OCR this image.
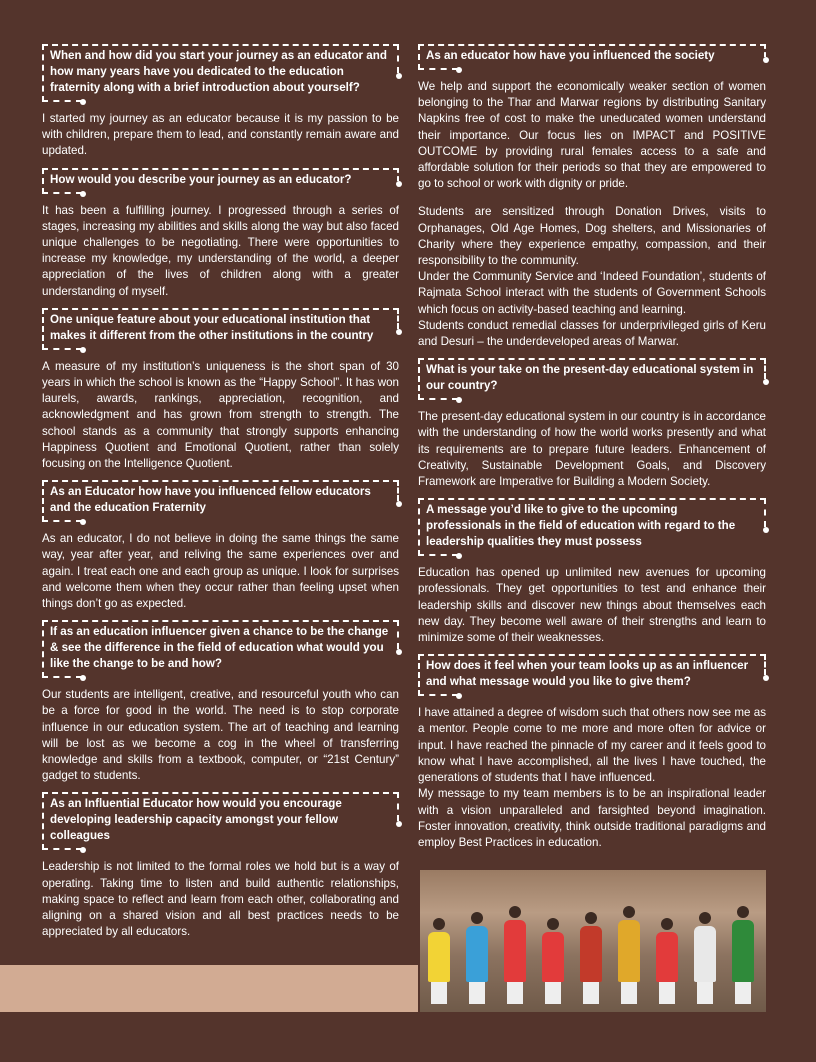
When and how did you start your journey as an educator and how many years have you dedicated to the education fraternity along with a brief introduction about yourself?

I started my journey as an educator because it is my passion to be with children, prepare them to lead, and constantly remain aware and updated.

How would you describe your journey as an educator?

It has been a fulfilling journey. I progressed through a series of stages, increasing my abilities and skills along the way but also faced unique challenges to be negotiating. There were opportunities to increase my knowledge, my understanding of the world, a deeper appreciation of the lives of children along with a greater understanding of myself.

One unique feature about your educational institution that makes it different from the other institutions in the country

A measure of my institution’s uniqueness is the short span of 30 years in which the school is known as the “Happy School”. It has won laurels, awards, rankings, appreciation, recognition, and acknowledgment and has grown from strength to strength. The school stands as a community that strongly supports enhancing Happiness Quotient and Emotional Quotient, rather than solely focusing on the Intelligence Quotient.

As an Educator how have you influenced fellow educators and the education Fraternity

As an educator, I do not believe in doing the same things the same way, year after year, and reliving the same experiences over and again. I treat each one and each group as unique. I look for surprises and welcome them when they occur rather than feeling upset when things don’t go as expected.

If as an education influencer given a chance to be the change & see the difference in the field of education what would you like the change to be and how?

Our students are intelligent, creative, and resourceful youth who can be a force for good in the world. The need is to stop corporate influence in our education system. The art of teaching and learning will be lost as we become a cog in the wheel of transferring knowledge and skills from a textbook, computer, or “21st Century” gadget to students.

As an Influential Educator how would you encourage developing leadership capacity amongst your fellow colleagues

Leadership is not limited to the formal roles we hold but is a way of operating. Taking time to listen and build authentic relationships, making space to reflect and learn from each other, collaborating and aligning on a shared vision and all best practices needs to be appreciated by all educators.

As an educator how have you influenced the society

We help and support the economically weaker section of women belonging to the Thar and Marwar regions by distributing Sanitary Napkins free of cost to make the uneducated women understand their importance. Our focus lies on IMPACT and POSITIVE OUTCOME by providing rural females access to a safe and affordable solution for their periods so that they are empowered to go to school or work with dignity or pride.

Students are sensitized through Donation Drives, visits to Orphanages, Old Age Homes, Dog shelters, and Missionaries of Charity where they experience empathy, compassion, and their responsibility to the community.

Under the Community Service and ‘Indeed Foundation’, students of Rajmata School interact with the students of Government Schools which focus on activity-based teaching and learning.

Students conduct remedial classes for underprivileged girls of Keru and Desuri – the underdeveloped areas of Marwar.

What is your take on the present-day educational system in our country?

The present-day educational system in our country is in accordance with the understanding of how the world works presently and what its requirements are to prepare future leaders. Enhancement of Creativity, Sustainable Development Goals, and Discovery Framework are Imperative for Building a Modern Society.

A message you’d like to give to the upcoming professionals in the field of education with regard to the leadership qualities they must possess

Education has opened up unlimited new avenues for upcoming professionals. They get opportunities to test and enhance their leadership skills and discover new things about themselves each new day. They become well aware of their strengths and learn to minimize some of their weaknesses.

How does it feel when your team looks up as an influencer and what message would you like to give them?

I have attained a degree of wisdom such that others now see me as a mentor. People come to me more and more often for advice or input. I have reached the pinnacle of my career and it feels good to know what I have accomplished, all the lives I have touched, the generations of students that I have influenced.

My message to my team members is to be an inspirational leader with a vision unparalleled and farsighted beyond imagination. Foster innovation, creativity, think outside traditional paradigms and employ Best Practices in education.
